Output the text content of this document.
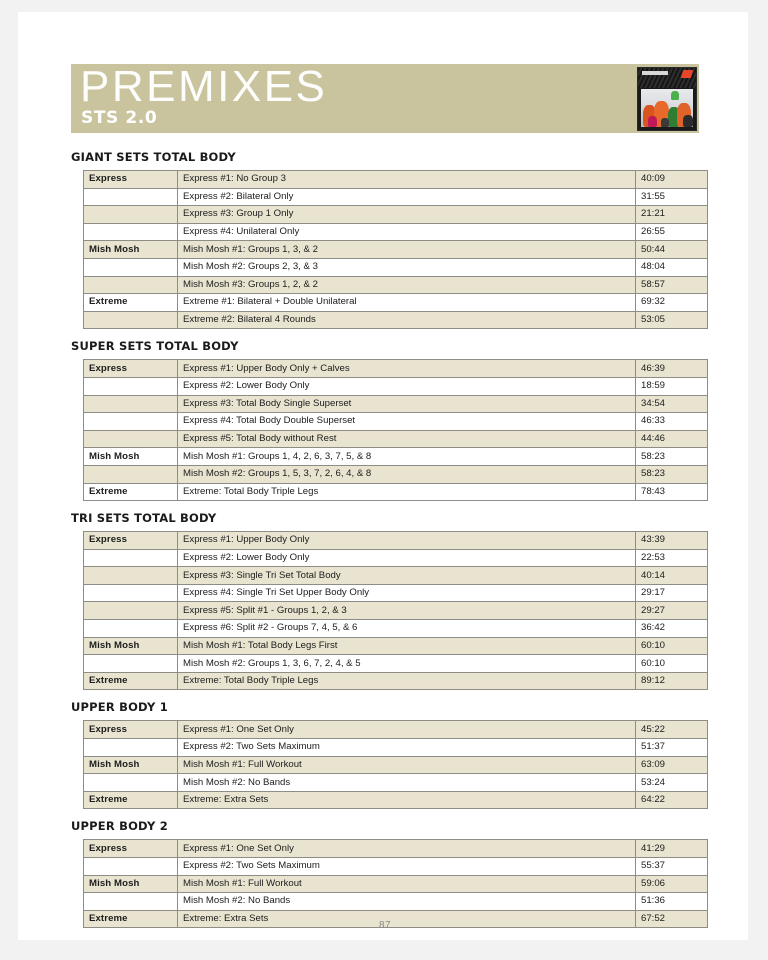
PREMIXES
STS 2.0
GIANT SETS TOTAL BODY
Express	Express #1: No Group 3	40:09
	Express #2: Bilateral Only	31:55
	Express #3: Group 1 Only	21:21
	Express #4: Unilateral Only	26:55
Mish Mosh	Mish Mosh #1: Groups 1, 3, & 2	50:44
	Mish Mosh #2: Groups 2, 3, & 3	48:04
	Mish Mosh #3: Groups 1, 2, & 2	58:57
Extreme	Extreme #1: Bilateral + Double Unilateral	69:32
	Extreme #2: Bilateral 4 Rounds	53:05
SUPER SETS TOTAL BODY
Express	Express #1: Upper Body Only + Calves	46:39
	Express #2: Lower Body Only	18:59
	Express #3: Total Body Single Superset	34:54
	Express #4: Total Body Double Superset	46:33
	Express #5: Total Body without Rest	44:46
Mish Mosh	Mish Mosh #1: Groups 1, 4, 2, 6, 3, 7, 5, & 8	58:23
	Mish Mosh #2: Groups 1, 5, 3, 7, 2, 6, 4, & 8	58:23
Extreme	Extreme: Total Body Triple Legs	78:43
TRI SETS TOTAL BODY
Express	Express #1: Upper Body Only	43:39
	Express #2: Lower Body Only	22:53
	Express #3: Single Tri Set Total Body	40:14
	Express #4: Single Tri Set Upper Body Only	29:17
	Express #5: Split #1 - Groups 1, 2, & 3	29:27
	Express #6: Split #2 - Groups 7, 4, 5, & 6	36:42
Mish Mosh	Mish Mosh #1: Total Body Legs First	60:10
	Mish Mosh #2: Groups 1, 3, 6, 7, 2, 4, & 5	60:10
Extreme	Extreme: Total Body Triple Legs	89:12
UPPER BODY 1
Express	Express #1: One Set Only	45:22
	Express #2: Two Sets Maximum	51:37
Mish Mosh	Mish Mosh #1: Full Workout	63:09
	Mish Mosh #2: No Bands	53:24
Extreme	Extreme: Extra Sets	64:22
UPPER BODY 2
Express	Express #1: One Set Only	41:29
	Express #2: Two Sets Maximum	55:37
Mish Mosh	Mish Mosh #1: Full Workout	59:06
	Mish Mosh #2: No Bands	51:36
Extreme	Extreme: Extra Sets	67:52
87
